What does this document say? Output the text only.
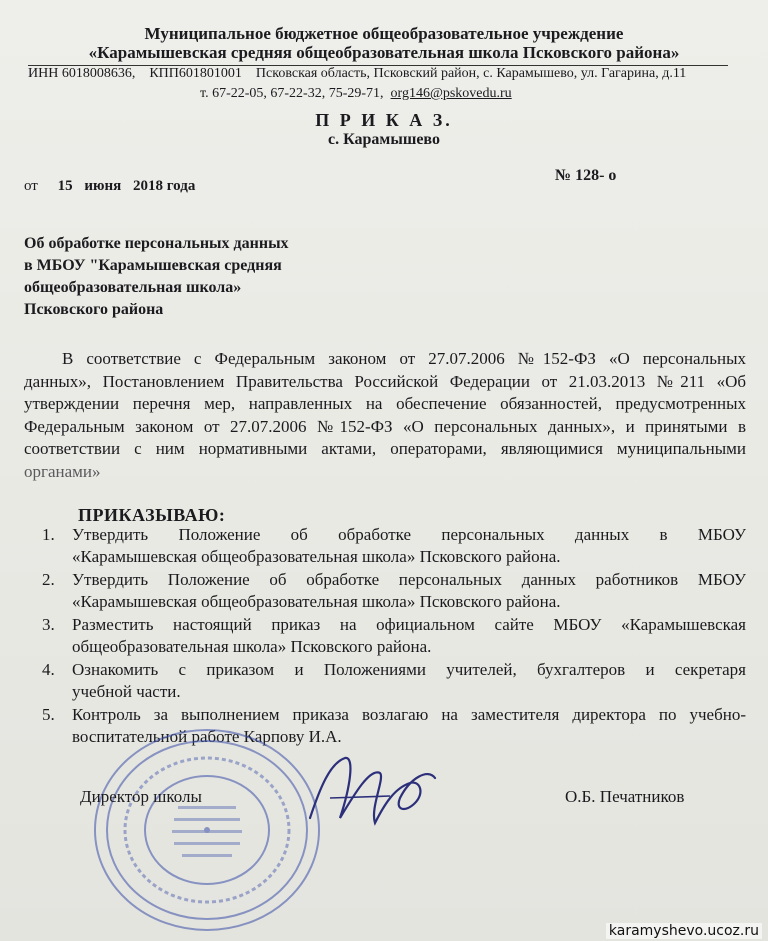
Муниципальное бюджетное общеобразовательное учреждение
«Карамышевская средняя общеобразовательная школа Псковского района»
ИНН 6018008636, КПП601801001 Псковская область, Псковский район, с. Карамышево, ул. Гагарина, д.11
т. 67-22-05, 67-22-32, 75-29-71, org146@pskovedu.ru
П Р И К А З.
с. Карамышево
от 15 июня 2018 года
№ 128- о
Об обработке персональных данных
в МБОУ "Карамышевская средняя
общеобразовательная школа»
Псковского района
В соответствие с Федеральным законом от 27.07.2006 №152-ФЗ «О персональных
данных», Постановлением Правительства Российской Федерации от 21.03.2013 №211 «Об
утверждении перечня мер, направленных на обеспечение обязанностей, предусмотренных
Федеральным законом от 27.07.2006 №152-ФЗ «О персональных данных», и принятыми в
соответствии с ним нормативными актами, операторами, являющимися муниципальными
органами»
ПРИКАЗЫВАЮ:
1. Утвердить Положение об обработке персональных данных в МБОУ
«Карамышевская общеобразовательная школа» Псковского района.
2. Утвердить Положение об обработке персональных данных работников МБОУ
«Карамышевская общеобразовательная школа» Псковского района.
3. Разместить настоящий приказ на официальном сайте МБОУ «Карамышевская
общеобразовательная школа» Псковского района.
4. Ознакомить с приказом и Положениями учителей, бухгалтеров и секретаря
учебной части.
5. Контроль за выполнением приказа возлагаю на заместителя директора по учебно-
воспитательной работе Карпову И.А.
Директор школы	О.Б. Печатников
karamyshevo.ucoz.ru
